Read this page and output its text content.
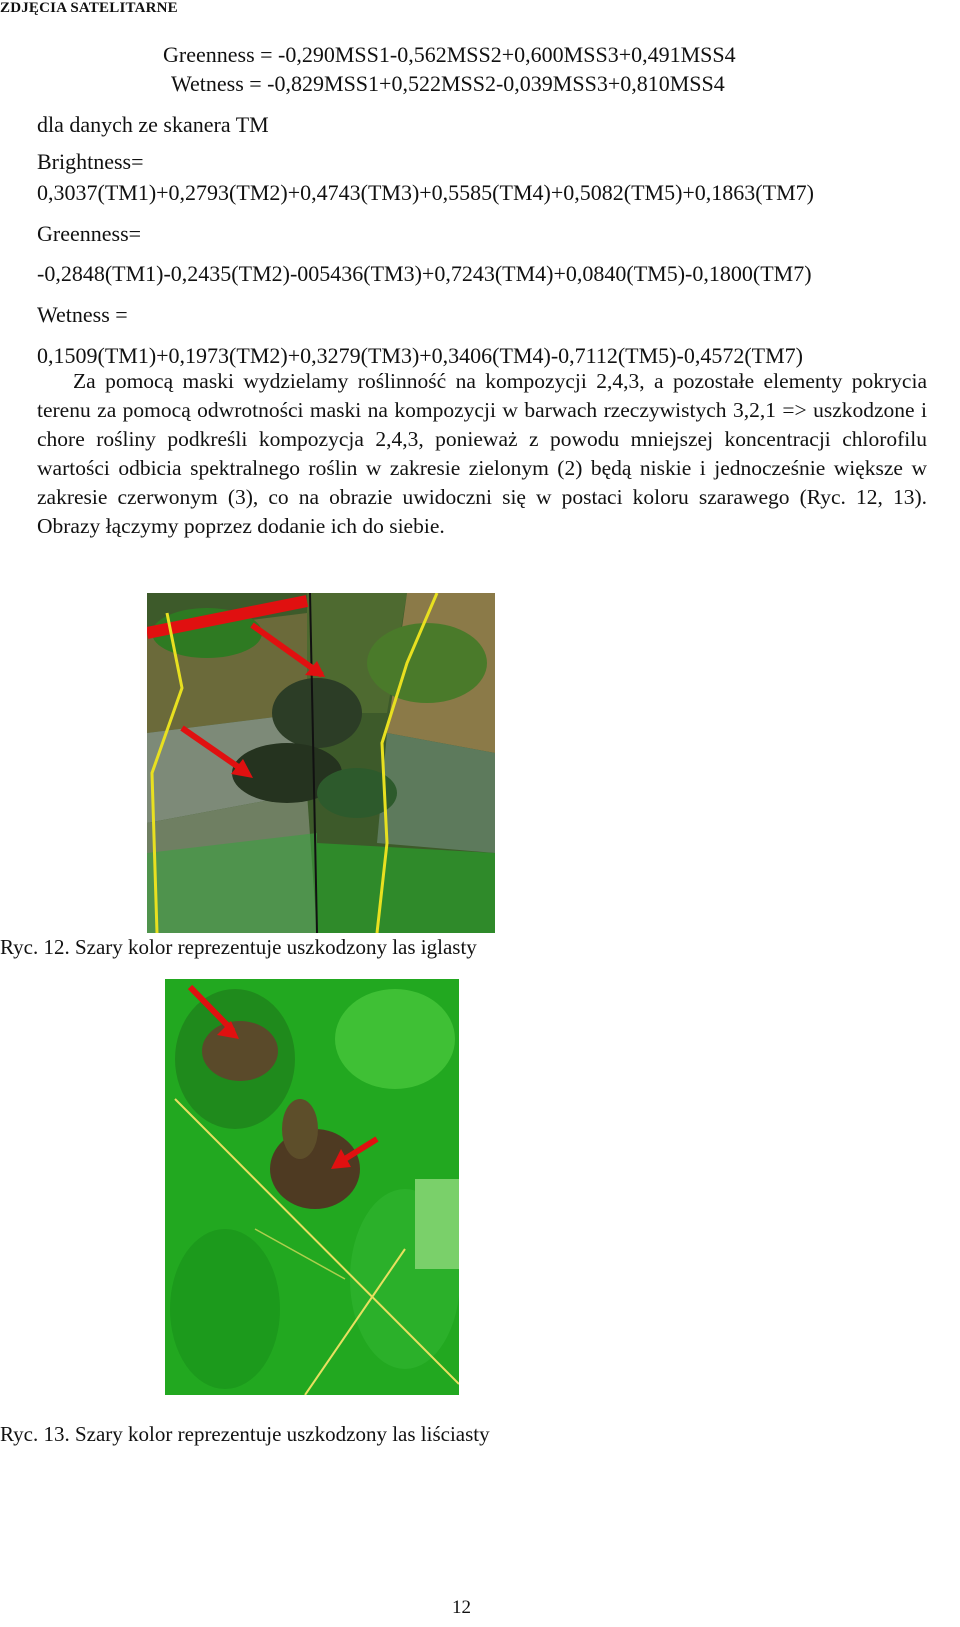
ZDJĘCIA SATELITARNE
Greenness = -0,290MSS1-0,562MSS2+0,600MSS3+0,491MSS4
Wetness = -0,829MSS1+0,522MSS2-0,039MSS3+0,810MSS4
dla danych ze skanera TM
Brightness=
0,3037(TM1)+0,2793(TM2)+0,4743(TM3)+0,5585(TM4)+0,5082(TM5)+0,1863(TM7)
Greenness=
-0,2848(TM1)-0,2435(TM2)-005436(TM3)+0,7243(TM4)+0,0840(TM5)-0,1800(TM7)
Wetness =
0,1509(TM1)+0,1973(TM2)+0,3279(TM3)+0,3406(TM4)-0,7112(TM5)-0,4572(TM7)
Za pomocą maski wydzielamy roślinność na kompozycji 2,4,3, a pozostałe elementy pokrycia terenu za pomocą odwrotności maski na kompozycji w barwach rzeczywistych 3,2,1 => uszkodzone i chore rośliny podkreśli kompozycja 2,4,3, ponieważ z powodu mniejszej koncentracji chlorofilu wartości odbicia spektralnego roślin w zakresie zielonym (2) będą niskie i jednocześnie większe w zakresie czerwonym (3), co na obrazie uwidoczni się w postaci koloru szarawego (Ryc. 12, 13). Obrazy łączymy poprzez dodanie ich do siebie.
Ryc. 12. Szary kolor reprezentuje uszkodzony las iglasty
Ryc. 13. Szary kolor reprezentuje uszkodzony las liściasty
12
